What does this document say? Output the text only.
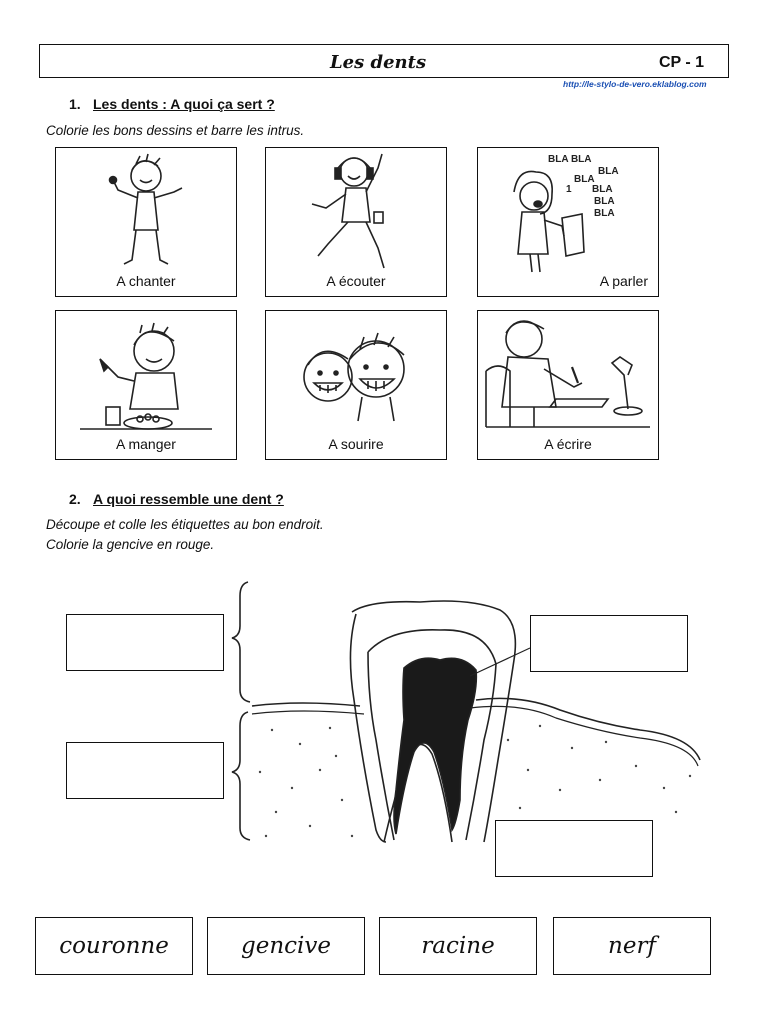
Les dents	CP - 1
http://le-stylo-de-vero.eklablog.com
1. Les dents : A quoi ça sert ?
Colorie les bons dessins et barre les intrus.
A chanter	A écouter
BLA BLA
BLA
BLA
1 BLA
BLA
BLA
A parler
A manger	A sourire	A écrire
2. A quoi ressemble une dent ?
Découpe et colle les étiquettes au bon endroit.
Colorie la gencive en rouge.
couronne	gencive	racine	nerf
